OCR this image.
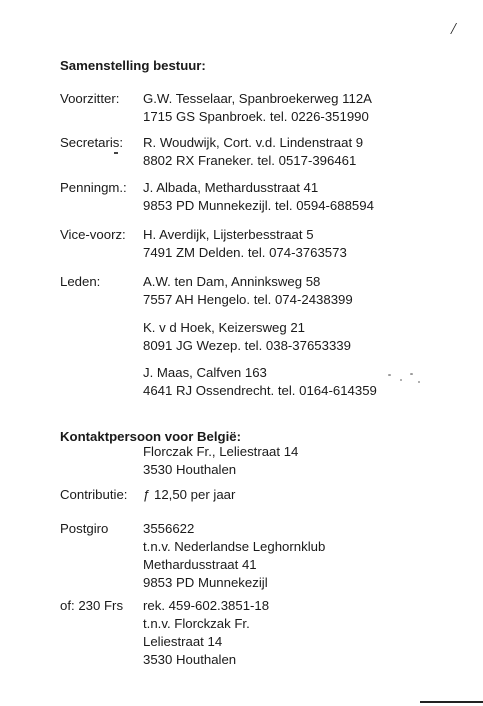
/
Samenstelling bestuur:
Voorzitter: G.W. Tesselaar, Spanbroekerweg 112A
1715 GS Spanbroek. tel. 0226-351990
Secretaris: R. Woudwijk, Cort. v.d. Lindenstraat 9
8802 RX Franeker. tel. 0517-396461
Penningm.: J. Albada, Methardusstraat 41
9853 PD Munnekezijl. tel. 0594-688594
Vice-voorz: H. Averdijk, Lijsterbesstraat 5
7491 ZM Delden. tel. 074-3763573
Leden:	A.W. ten Dam, Anninksweg 58
7557 AH Hengelo. tel. 074-2438399
K. v d Hoek, Keizersweg 21
8091 JG Wezep. tel. 038-37653339
J. Maas, Calfven 163
4641 RJ Ossendrecht. tel. 0164-614359
Kontaktpersoon voor België:
Florczak Fr., Leliestraat 14
3530 Houthalen
Contributie: ƒ 12,50 per jaar
Postgiro	3556622
t.n.v. Nederlandse Leghornklub
Methardusstraat 41
9853 PD Munnekezijl
of: 230 Frs rek. 459-602.3851-18
t.n.v. Florckzak Fr.
Leliestraat 14
3530 Houthalen
